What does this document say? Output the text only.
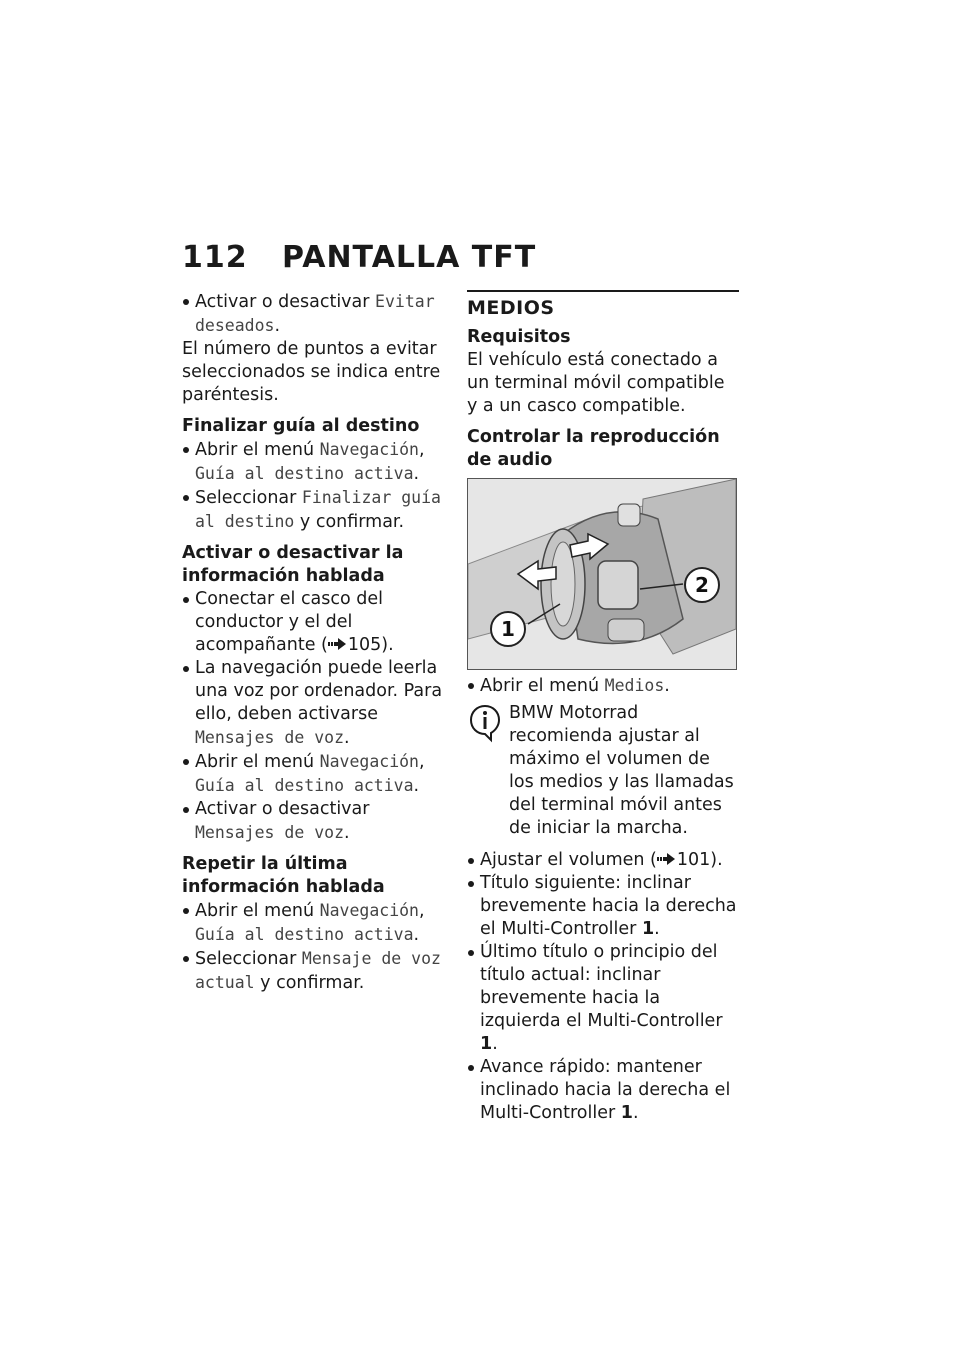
112 PANTALLA TFT

Activar o desactivar Evitar deseados.

El número de puntos a evitar seleccionados se indica entre paréntesis.

Finalizar guía al destino

Abrir el menú Navegación, Guía al destino activa.

Seleccionar Finalizar guía al destino y confirmar.

Activar o desactivar la información hablada

Conectar el casco del conductor y el del acompañante ( 105).

La navegación puede leerla una voz por ordenador. Para ello, deben activarse Mensajes de voz.

Abrir el menú Navegación, Guía al destino activa.

Activar o desactivar Mensajes de voz.

Repetir la última información hablada

Abrir el menú Navegación, Guía al destino activa.

Seleccionar Mensaje de voz actual y confirmar.

MEDIOS

Requisitos

El vehículo está conectado a un terminal móvil compatible y a un casco compatible.

Controlar la reproducción de audio

1
2

Abrir el menú Medios.

BMW Motorrad recomienda ajustar al máximo el volumen de los medios y las llamadas del terminal móvil antes de iniciar la marcha.

Ajustar el volumen ( 101).

Título siguiente: inclinar brevemente hacia la derecha el Multi-Controller 1.

Último título o principio del título actual: inclinar brevemente hacia la izquierda el Multi-Controller 1.

Avance rápido: mantener inclinado hacia la derecha el Multi-Controller 1.
